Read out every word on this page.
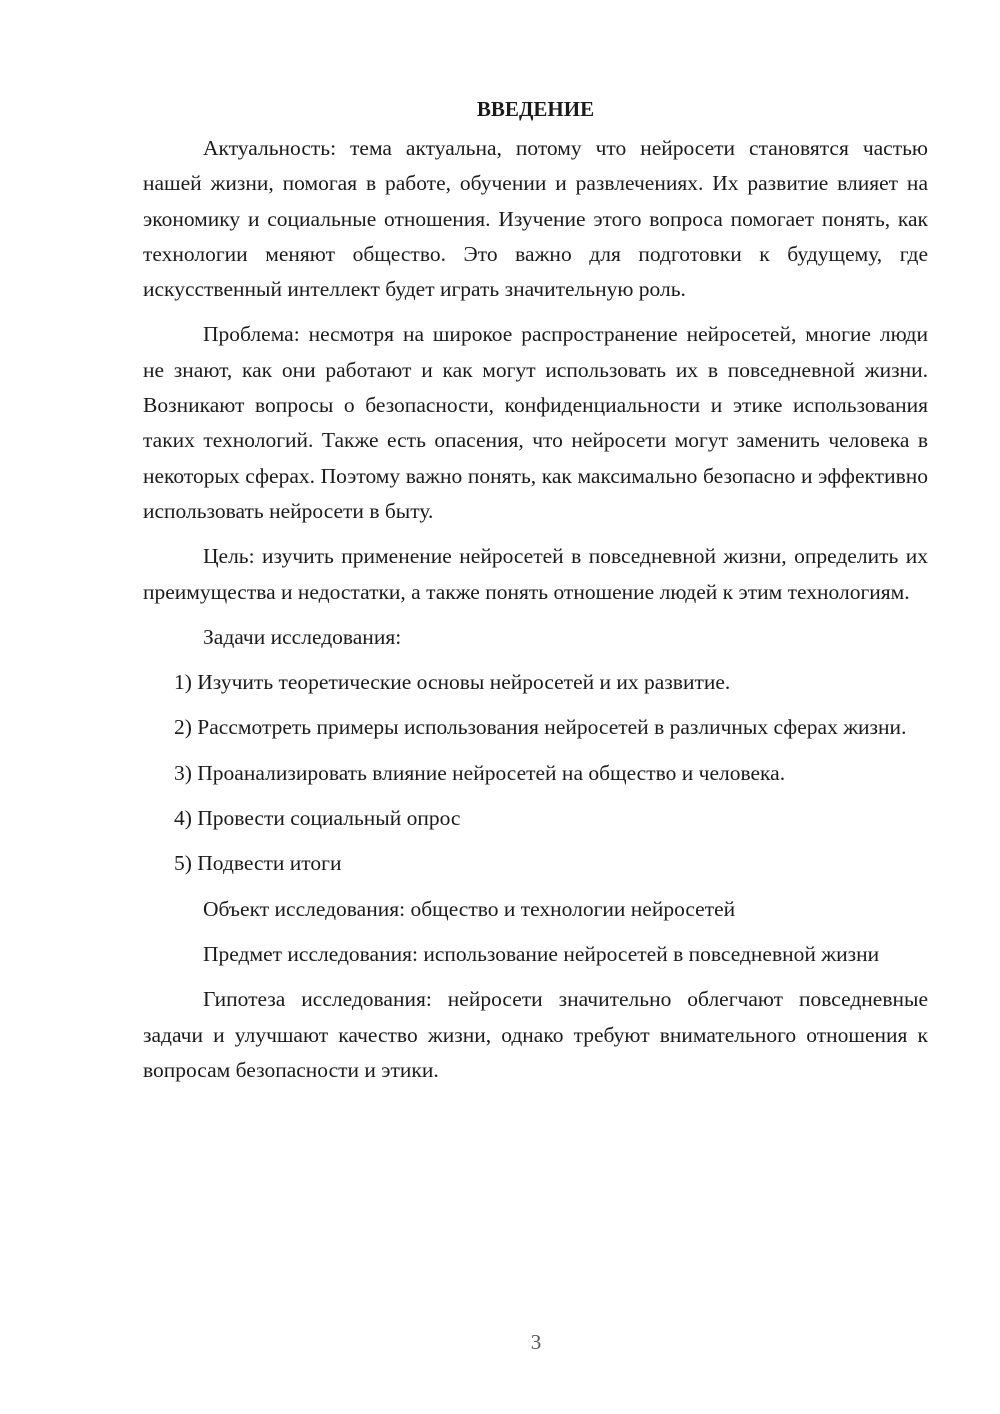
ВВЕДЕНИЕ

Актуальность: тема актуальна, потому что нейросети становятся частью нашей жизни, помогая в работе, обучении и развлечениях. Их развитие влияет на экономику и социальные отношения. Изучение этого вопроса помогает понять, как технологии меняют общество. Это важно для подготовки к будущему, где искусственный интеллект будет играть значительную роль.

Проблема: несмотря на широкое распространение нейросетей, многие люди не знают, как они работают и как могут использовать их в повседневной жизни. Возникают вопросы о безопасности, конфиденциальности и этике использования таких технологий. Также есть опасения, что нейросети могут заменить человека в некоторых сферах. Поэтому важно понять, как максимально безопасно и эффективно использовать нейросети в быту.

Цель: изучить применение нейросетей в повседневной жизни, определить их преимущества и недостатки, а также понять отношение людей к этим технологиям.

Задачи исследования:

1) Изучить теоретические основы нейросетей и их развитие.

2) Рассмотреть примеры использования нейросетей в различных сферах жизни.

3) Проанализировать влияние нейросетей на общество и человека.

4) Провести социальный опрос

5) Подвести итоги

Объект исследования: общество и технологии нейросетей

Предмет исследования: использование нейросетей в повседневной жизни

Гипотеза исследования: нейросети значительно облегчают повседневные задачи и улучшают качество жизни, однако требуют внимательного отношения к вопросам безопасности и этики.

3
